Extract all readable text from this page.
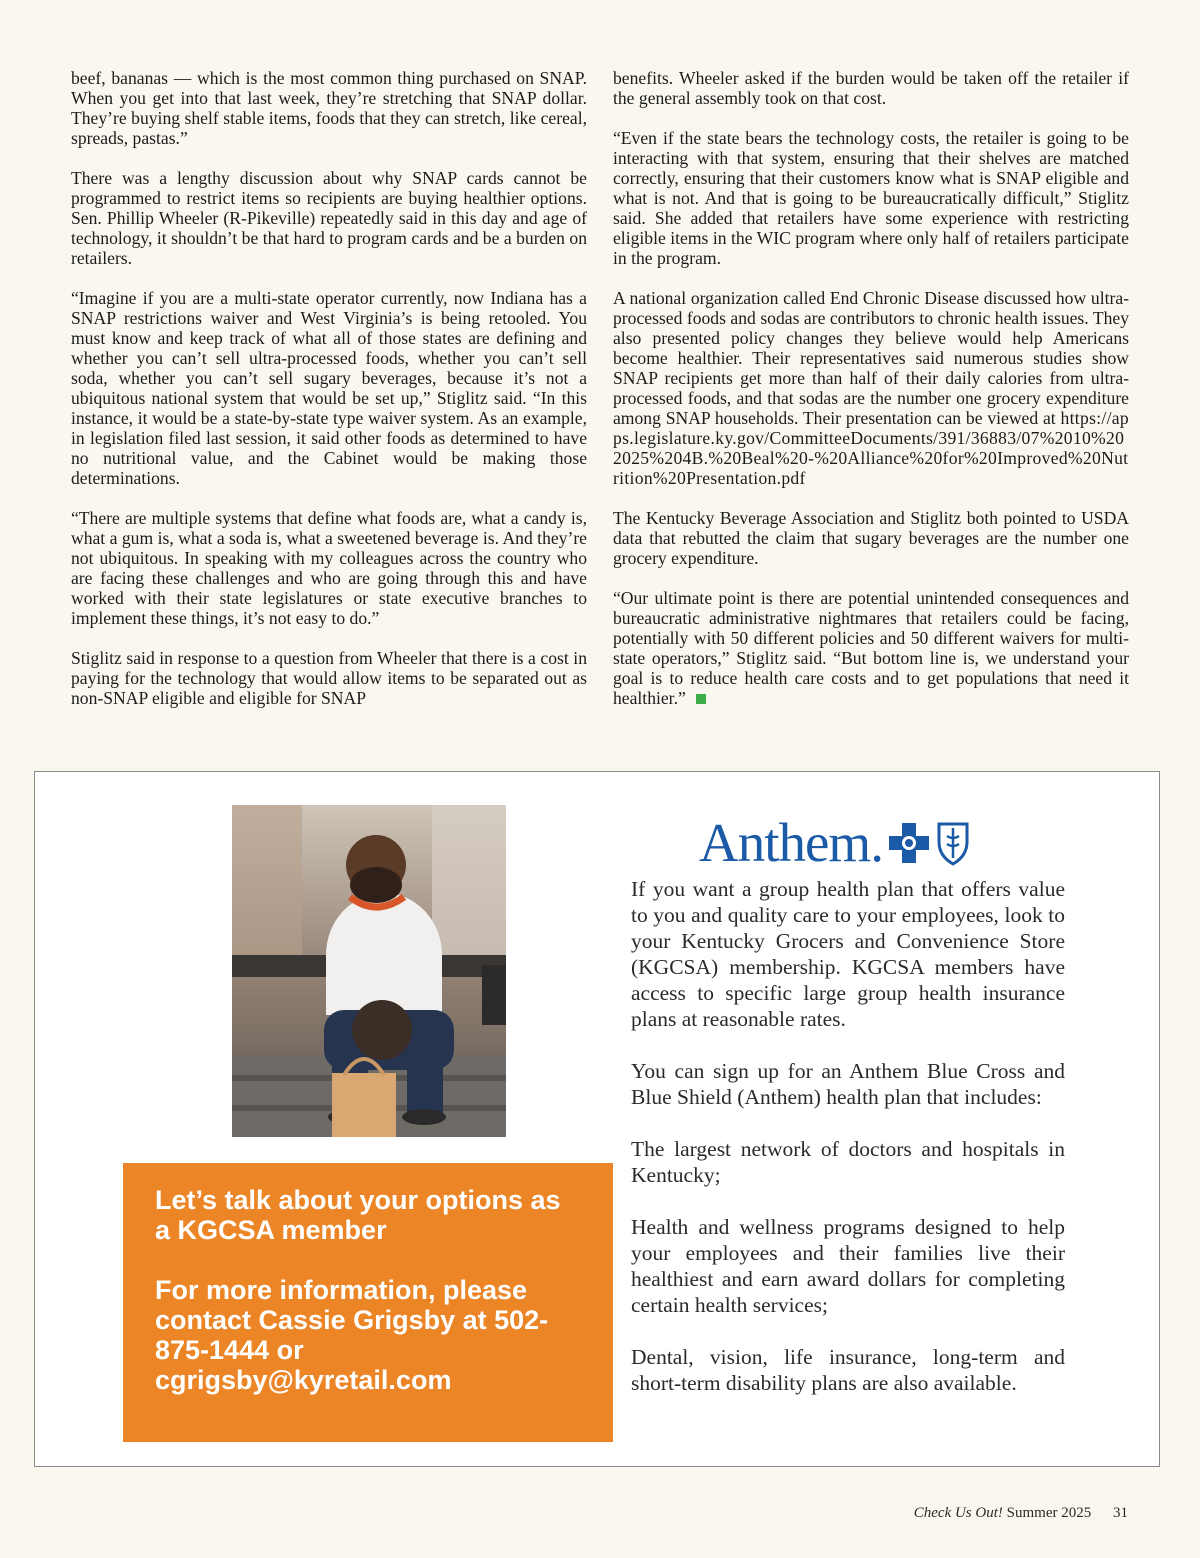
beef, bananas — which is the most common thing purchased on SNAP. When you get into that last week, they’re stretching that SNAP dollar. They’re buying shelf stable items, foods that they can stretch, like cereal, spreads, pastas.”

There was a lengthy discussion about why SNAP cards cannot be programmed to restrict items so recipients are buying healthier options. Sen. Phillip Wheeler (R-Pikeville) repeatedly said in this day and age of technology, it shouldn’t be that hard to program cards and be a burden on retailers.

“Imagine if you are a multi-state operator currently, now Indiana has a SNAP restrictions waiver and West Virginia’s is being retooled. You must know and keep track of what all of those states are defining and whether you can’t sell ultra-processed foods, whether you can’t sell soda, whether you can’t sell sugary beverages, because it’s not a ubiquitous national system that would be set up,” Stiglitz said. “In this instance, it would be a state-by-state type waiver system. As an example, in legislation filed last session, it said other foods as determined to have no nutritional value, and the Cabinet would be making those determinations.

“There are multiple systems that define what foods are, what a candy is, what a gum is, what a soda is, what a sweetened beverage is. And they’re not ubiquitous. In speaking with my colleagues across the country who are facing these challenges and who are going through this and have worked with their state legislatures or state executive branches to implement these things, it’s not easy to do.”

Stiglitz said in response to a question from Wheeler that there is a cost in paying for the technology that would allow items to be separated out as non-SNAP eligible and eligible for SNAP

benefits. Wheeler asked if the burden would be taken off the retailer if the general assembly took on that cost.

“Even if the state bears the technology costs, the retailer is going to be interacting with that system, ensuring that their shelves are matched correctly, ensuring that their customers know what is SNAP eligible and what is not. And that is going to be bureaucratically difficult,” Stiglitz said. She added that retailers have some experience with restricting eligible items in the WIC program where only half of retailers participate in the program.

A national organization called End Chronic Disease discussed how ultra-processed foods and sodas are contributors to chronic health issues. They also presented policy changes they believe would help Americans become healthier. Their representatives said numerous studies show SNAP recipients get more than half of their daily calories from ultra-processed foods, and that sodas are the number one grocery expenditure among SNAP households. Their presentation can be viewed at https://apps.legislature.ky.gov/CommitteeDocuments/391/36883/07%2010%202025%204B.%20Beal%20-%20Alliance%20for%20Improved%20Nutrition%20Presentation.pdf

The Kentucky Beverage Association and Stiglitz both pointed to USDA data that rebutted the claim that sugary beverages are the number one grocery expenditure.

“Our ultimate point is there are potential unintended consequences and bureaucratic administrative nightmares that retailers could be facing, potentially with 50 different policies and 50 different waivers for multi-state operators,” Stiglitz said. “But bottom line is, we understand your goal is to reduce health care costs and to get populations that need it healthier.”

Let’s talk about your options as a KGCSA member

For more information, please contact Cassie Grigsby at 502-875-1444 or cgrigsby@kyretail.com

Anthem.

If you want a group health plan that offers value to you and quality care to your employees, look to your Kentucky Grocers and Convenience Store (KGCSA) membership. KGCSA members have access to specific large group health insurance plans at reasonable rates.

You can sign up for an Anthem Blue Cross and Blue Shield (Anthem) health plan that includes:

The largest network of doctors and hospitals in Kentucky;

Health and wellness programs designed to help your employees and their families live their healthiest and earn award dollars for completing certain health services;

Dental, vision, life insurance, long-term and short-term disability plans are also available.

Check Us Out! Summer 2025 31
